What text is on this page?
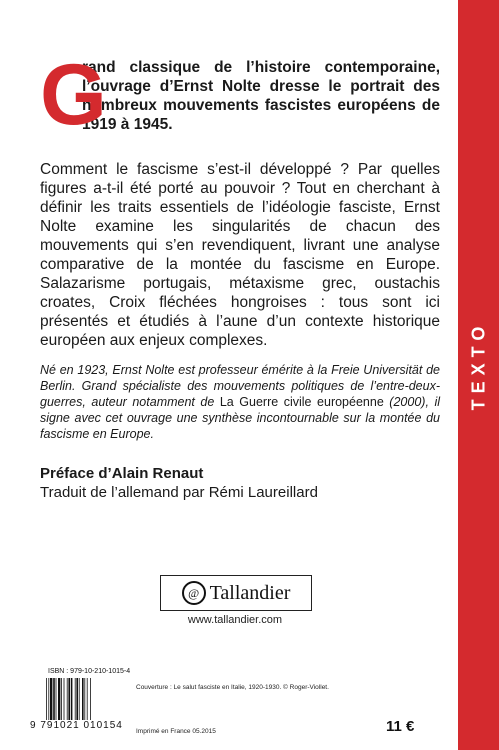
TEXTO
G

rand classique de l’histoire contemporaine, l’ouvrage d’Ernst Nolte dresse le portrait des nombreux mouvements fascistes européens de 1919 à 1945.

Comment le fascisme s’est-il développé ? Par quelles figures a-t-il été porté au pouvoir ? Tout en cherchant à définir les traits essentiels de l’idéologie fasciste, Ernst Nolte examine les singularités de chacun des mouvements qui s’en revendiquent, livrant une analyse comparative de la montée du fascisme en Europe. Salazarisme portugais, métaxisme grec, oustachis croates, Croix fléchées hongroises : tous sont ici présentés et étudiés à l’aune d’un contexte historique européen aux enjeux complexes.

Né en 1923, Ernst Nolte est professeur émérite à la Freie Universität de Berlin. Grand spécialiste des mouvements politiques de l’entre-deux-guerres, auteur notamment de La Guerre civile européenne (2000), il signe avec cet ouvrage une synthèse incontournable sur la montée du fascisme en Europe.

Préface d’Alain Renaut
Traduit de l’allemand par Rémi Laureillard
@ Tallandier
www.tallandier.com
ISBN : 979-10-210-1015-4
9 791021 010154
Couverture : Le salut fasciste en Italie, 1920-1930. © Roger-Viollet.
Imprimé en France 05.2015	11 €
